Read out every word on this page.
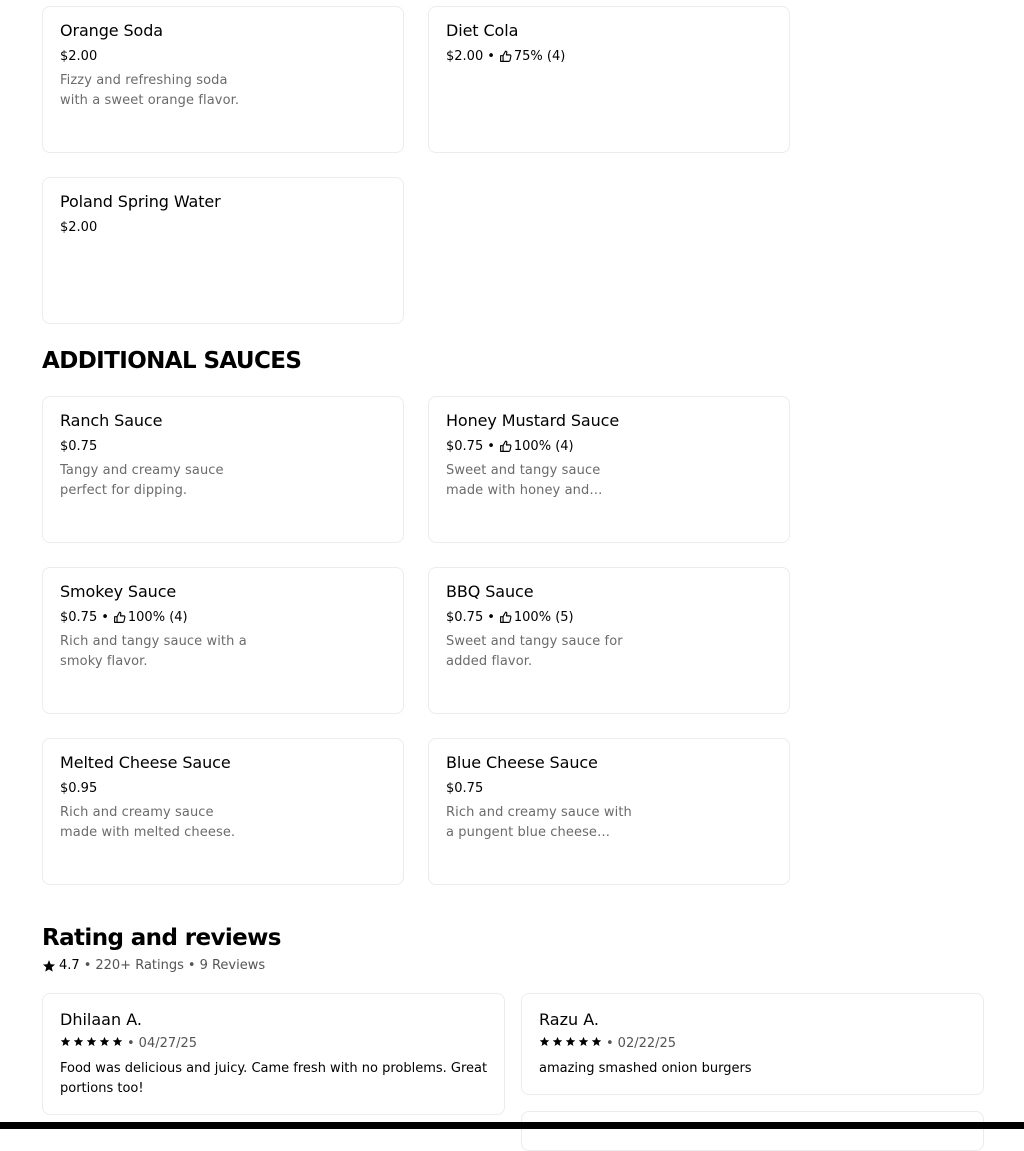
Orange Soda
$2.00
Fizzy and refreshing soda with a sweet orange flavor.
Diet Cola
$2.00 • 75% (4)
Poland Spring Water
$2.00
ADDITIONAL SAUCES
Ranch Sauce
$0.75
Tangy and creamy sauce perfect for dipping.
Honey Mustard Sauce
$0.75 • 100% (4)
Sweet and tangy sauce made with honey and…
Smokey Sauce
$0.75 • 100% (4)
Rich and tangy sauce with a smoky flavor.
BBQ Sauce
$0.75 • 100% (5)
Sweet and tangy sauce for added flavor.
Melted Cheese Sauce
$0.95
Rich and creamy sauce made with melted cheese.
Blue Cheese Sauce
$0.75
Rich and creamy sauce with a pungent blue cheese…
Rating and reviews
4.7 • 220+ Ratings • 9 Reviews
Dhilaan A.
• 04/27/25
Food was delicious and juicy. Came fresh with no problems. Great portions too!
Razu A.
• 02/22/25
amazing smashed onion burgers
